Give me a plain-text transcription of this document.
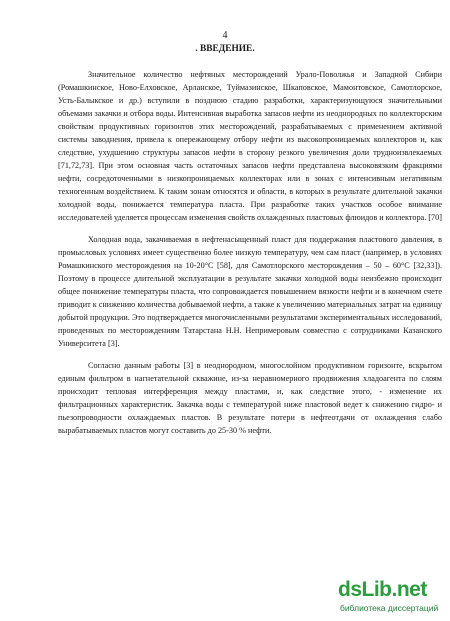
4
. ВВЕДЕНИЕ.

Значительное количество нефтяных месторождений Урало-Поволжья и Западной Сибири (Ромашкинское, Ново-Елховское, Арланское, Туймазинское, Шкаповское, Мамонтовское, Самотлорское, Усть-Балыкское и др.) вступили в позднюю стадию разработки, характеризующуюся значительными объемами закачки и отбора воды. Интенсивная выработка запасов нефти из неоднородных по коллекторским свойствам продуктивных горизонтов этих месторождений, разрабатываемых с применением активной системы заводнения, привела к опережающему отбору нефти из высокопроницаемых коллекторов и, как следствие, ухудшению структуры запасов нефти в сторону резкого увеличения доли трудноизвлекаемых [71,72,73]. При этом основная часть остаточных запасов нефти представлена высоковязким фракциями нефти, сосредоточенными в низкопроницаемых коллекторах или в зонах с интенсивным негативным техногенным воздействием. К таким зонам относятся и области, в которых в результате длительной закачки холодной воды, понижается температура пласта. При разработке таких участков особое внимание исследователей уделяется процессам изменения свойств охлажденных пластовых флюидов и коллектора. [70]

Холодная вода, закачиваемая в нефтенасыщенный пласт для поддержания пластового давления, в промысловых условиях имеет существенно более низкую температуру, чем сам пласт (например, в условиях Ромашкинского месторождения на 10-20°С [58], для Самотлорского месторождения – 50 – 60°С [32,33]). Поэтому в процессе длительной эксплуатации в результате закачки холодной воды неизбежно происходит общее понижение температуры пласта, что сопровождается повышением вязкости нефти и в конечном счете приводит к снижению количества добываемой нефти, а также к увеличению материальных затрат на единицу добытой продукции. Это подтверждается многочисленными результатами экспериментальных исследований, проведенных по месторождениям Татарстана Н.Н. Непримеровым совместно с сотрудниками Казанского Университета [3].

Согласно данным работы [3] в неоднородном, многослойном продуктивном горизонте, вскрытом единым фильтром в нагнетательной скважине, из-за неравномерного продвижения хладоагента по слоям происходит тепловая интерференция между пластами, и, как следствие этого, - изменение их фильтрационных характеристик. Закачка воды с температурой ниже пластовой ведет к снижению гидро- и пьезопроводности охлаждаемых пластов. В результате потери в нефтеотдачи от охлаждения слабо вырабатываемых пластов могут составить до 25-30 % нефти.

dsLib.net
библиотека диссертаций
